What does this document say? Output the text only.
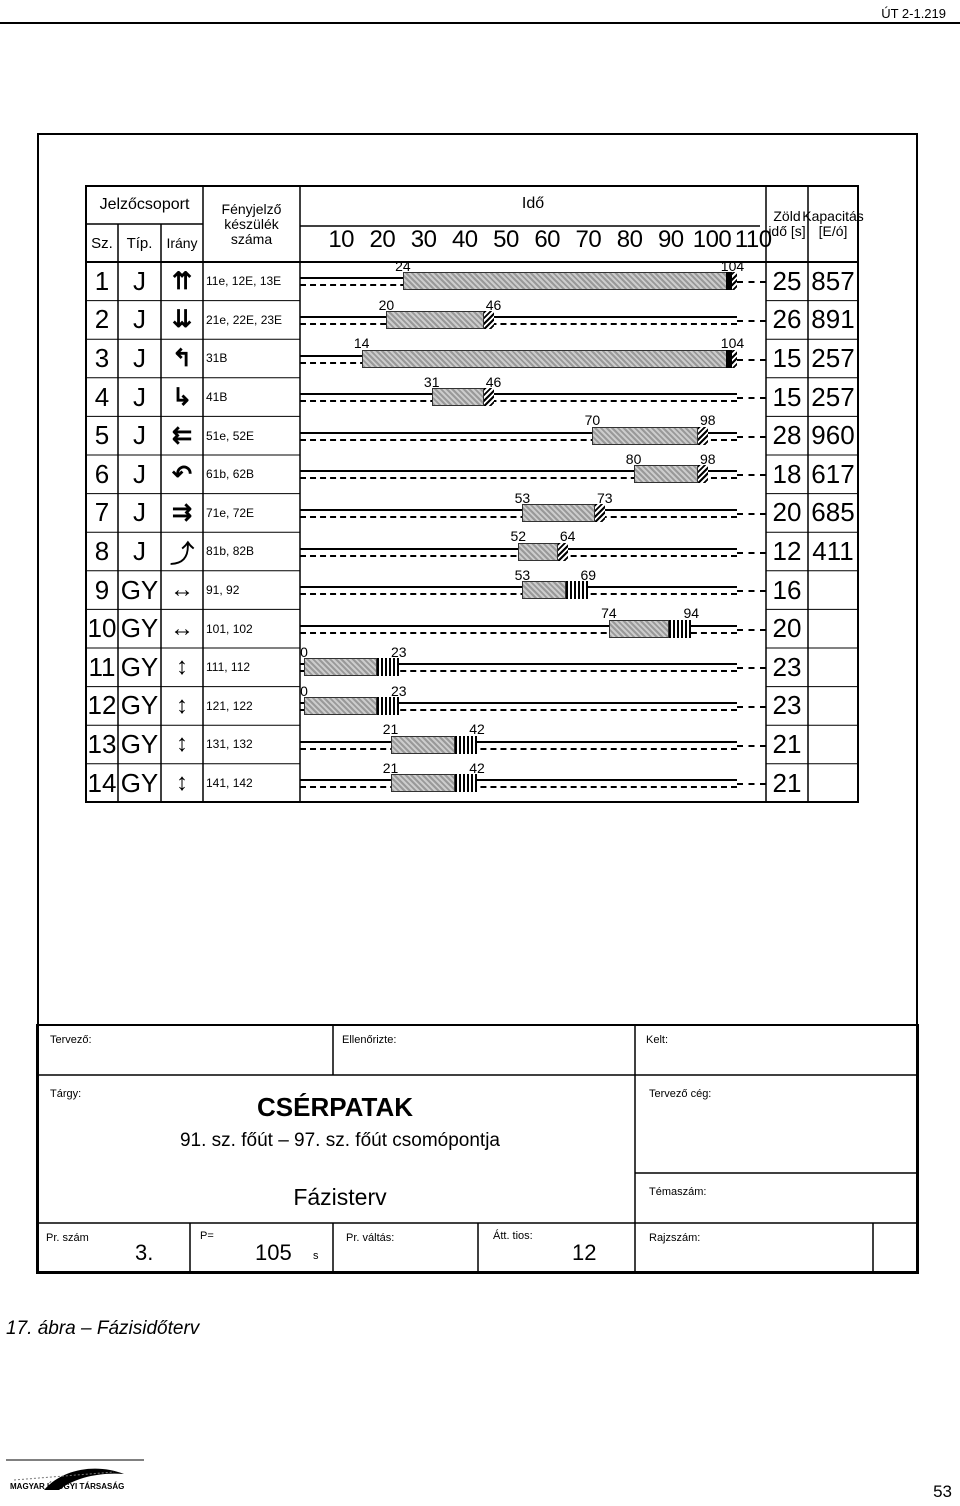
ÚT 2-1.219
Jelzőcsoport
Sz. Típ.	Irány
Fényjelző készülék száma
Idő
Zöld idő [s]
Kapacitás [E/ó]
10 20 30 40 50 60 70 80 90 100 110
1 J	⇈	11e, 12E, 13E	25 857
24	104
2 J	⇊	21e, 22E, 23E	26 891
20	46
3 J	↰	31B	15 257
14	104
4 J	↳	41B	15 257
31	46
5 J	⇇	51e, 52E	28 960
70	98
6 J	↶	61b, 62B	18 617
80	98
7 J	⇉	71e, 72E	20 685
53	73
8 J	⤴	81b, 82B	12 411
52 64
9 GY ↔	91, 92	16
53	69
10 GY ↔	101, 102	20
74	94
11 GY ↕	111, 112	23
0	23
12 GY ↕	121, 122	23
0	23
13 GY ↕	131, 132	21
21	42
14 GY ↕	141, 142	21
21	42
Tervező:	Ellenőrizte:	Kelt:
Tárgy:	CSÉRPATAK
91. sz. főút – 97. sz. főút csomópontja
Fázisterv
Tervező cég:
Témaszám:
Pr. szám
3.
P=
105 s
Pr. váltás:	Átt. tios:
12
Rajzszám:
17. ábra – Fázisidőterv
MAGYAR ÚTÜGYI TÁRSASÁG	53
